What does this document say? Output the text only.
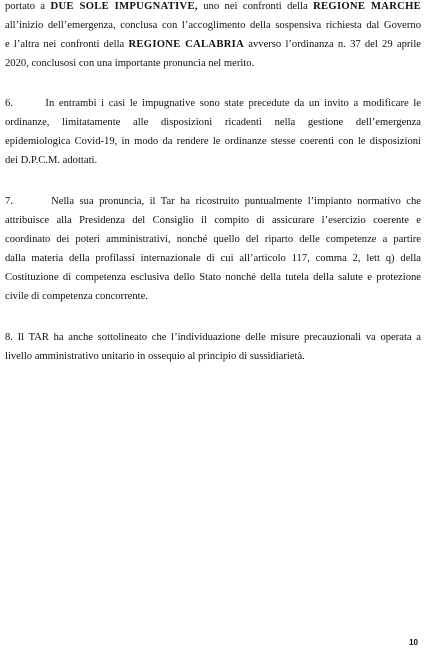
portato a DUE SOLE IMPUGNATIVE, uno nei confronti della REGIONE MARCHE
all’inizio dell’emergenza, conclusa con l’accoglimento della sospensiva richiesta dal Governo
e l’altra nei confronti della REGIONE CALABRIA avverso l’ordinanza n. 37 del 29 aprile
2020, conclusosi con una importante pronuncia nel merito.
6.       In entrambi i casi le impugnative sono state precedute da un invito a modificare le
ordinanze, limitatamente alle disposizioni ricadenti nella gestione dell’emergenza
epidemiologica Covid-19, in modo da rendere le ordinanze stesse coerenti con le disposizioni
dei D.P.C.M. adottati.
7.       Nella sua pronuncia, il Tar ha ricostruito puntualmente l’impianto normativo che
attribuisce alla Presidenza del Consiglio il compito di assicurare l’esercizio coerente e
coordinato dei poteri amministrativi, nonché quello del riparto delle competenze a partire
dalla materia della profilassi internazionale di cui all’articolo 117, comma 2, lett q) della
Costituzione di competenza esclusiva dello Stato nonché della tutela della salute e protezione
civile di competenza concorrente.
8. Il TAR ha anche sottolineato che l’individuazione delle misure precauzionali va operata a
livello amministrativo unitario in ossequio al principio di sussidiarietà.
10
